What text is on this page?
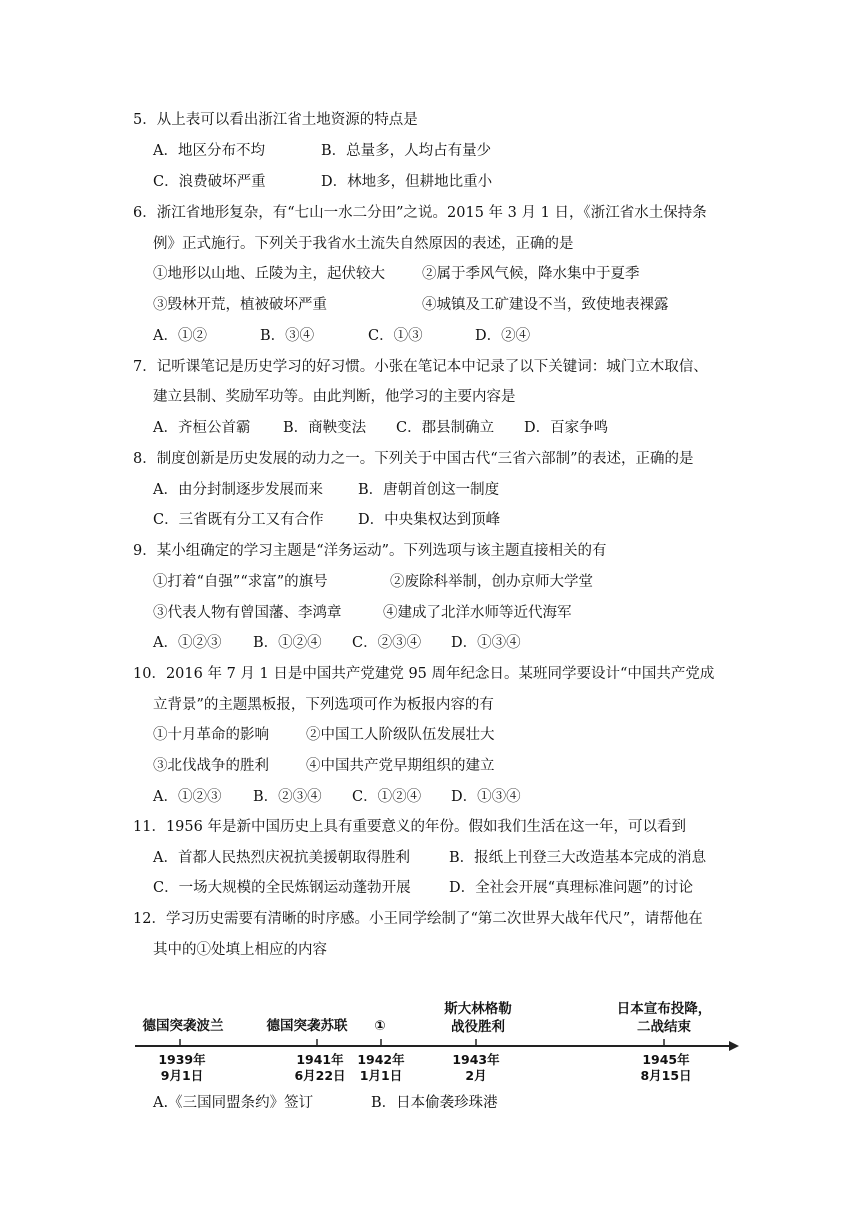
5．从上表可以看出浙江省土地资源的特点是

A．地区分布不均

	B．总量多，人均占有量少

C．浪费破坏严重

	D．林地多，但耕地比重小

6．浙江省地形复杂，有“七山一水二分田”之说。2015 年 3 月 1 日，《浙江省水土保持条
例》正式施行。下列关于我省水土流失自然原因的表述，正确的是

①地形以山地、丘陵为主，起伏较大

	②属于季风气候，降水集中于夏季

③毁林开荒，植被破坏严重

	④城镇及工矿建设不当，致使地表裸露

A．①②

	B．③④

	C．①③

	D．②④

7．记听课笔记是历史学习的好习惯。小张在笔记本中记录了以下关键词：城门立木取信、
建立县制、奖励军功等。由此判断，他学习的主要内容是

A．齐桓公首霸

B．商鞅变法

C．郡县制确立

D．百家争鸣

8．制度创新是历史发展的动力之一。下列关于中国古代“三省六部制”的表述，正确的是

A．由分封制逐步发展而来

B．唐朝首创这一制度

C．三省既有分工又有合作

D．中央集权达到顶峰

9．某小组确定的学习主题是“洋务运动”。下列选项与该主题直接相关的有

①打着“自强”“求富”的旗号

	②废除科举制，创办京师大学堂

③代表人物有曾国藩、李鸿章

	④建成了北洋水师等近代海军

A．①②③

B．①②④

C．②③④

D．①③④

10．2016 年 7 月 1 日是中国共产党建党 95 周年纪念日。某班同学要设计“中国共产党成
立背景”的主题黑板报，下列选项可作为板报内容的有

①十月革命的影响

	②中国工人阶级队伍发展壮大

③北伐战争的胜利

	④中国共产党早期组织的建立

A．①②③

B．②③④

C．①②④

D．①③④

11．1956 年是新中国历史上具有重要意义的年份。假如我们生活在这一年，可以看到

A．首都人民热烈庆祝抗美援朝取得胜利

	B．报纸上刊登三大改造基本完成的消息

C．一场大规模的全民炼钢运动蓬勃开展

	D．全社会开展“真理标准问题”的讨论

12．学习历史需要有清晰的时序感。小王同学绘制了“第二次世界大战年代尺”，请帮他在
其中的①处填上相应的内容
德国突袭波兰	德国突袭苏联	①
斯大林格勒
战役胜利
日本宣布投降，
二战结束
1939年
9月1日
1941年
6月22日
1942年
1月1日
1943年
2月
1945年
8月15日

A.《三国同盟条约》签订

	B．日本偷袭珍珠港
